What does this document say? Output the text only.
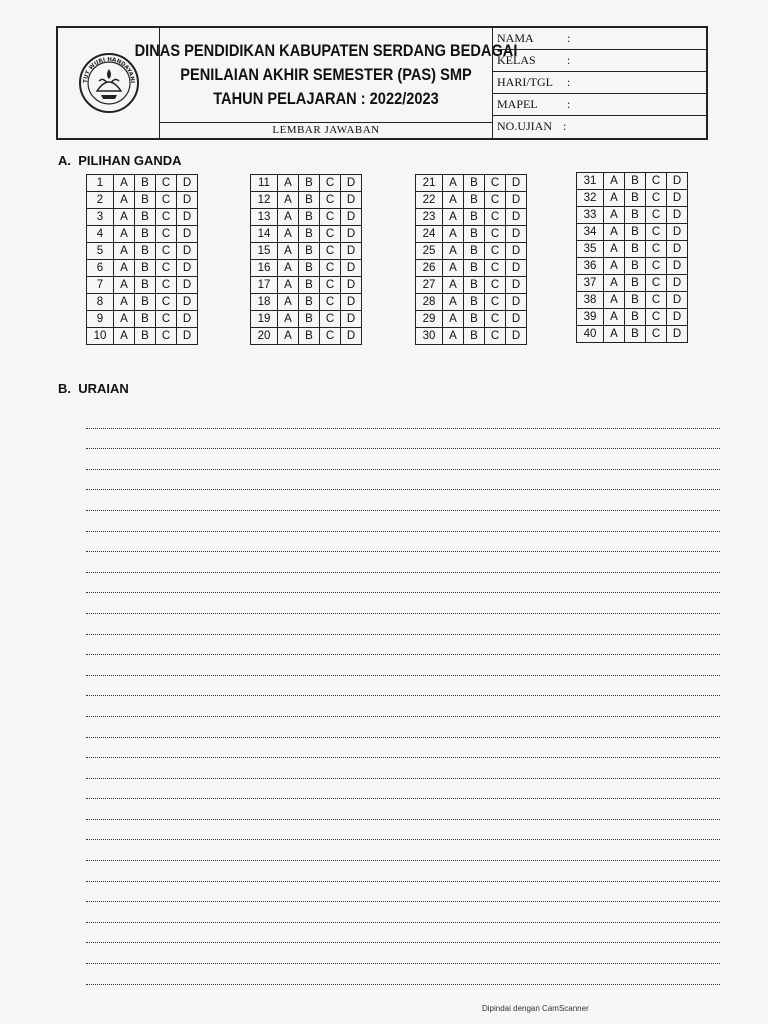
TUT WURI HANDAYANI
DINAS PENDIDIKAN KABUPATEN SERDANG BEDAGAI
PENILAIAN AKHIR SEMESTER (PAS) SMP
TAHUN PELAJARAN : 2022/2023
LEMBAR JAWABAN
NAMA	:
KELAS	:
HARI/TGL :
MAPEL :
NO.UJIAN :
A. PILIHAN GANDA
1	A	B	C	D
2	A	B	C	D
3	A	B	C	D
4	A	B	C	D
5	A	B	C	D
6	A	B	C	D
7	A	B	C	D
8	A	B	C	D
9	A	B	C	D
10	A	B	C	D
11	A	B	C	D
12	A	B	C	D
13	A	B	C	D
14	A	B	C	D
15	A	B	C	D
16	A	B	C	D
17	A	B	C	D
18	A	B	C	D
19	A	B	C	D
20	A	B	C	D
21	A	B	C	D
22	A	B	C	D
23	A	B	C	D
24	A	B	C	D
25	A	B	C	D
26	A	B	C	D
27	A	B	C	D
28	A	B	C	D
29	A	B	C	D
30	A	B	C	D
31	A	B	C	D
32	A	B	C	D
33	A	B	C	D
34	A	B	C	D
35	A	B	C	D
36	A	B	C	D
37	A	B	C	D
38	A	B	C	D
39	A	B	C	D
40	A	B	C	D
B. URAIAN
Dipindai dengan CamScanner
